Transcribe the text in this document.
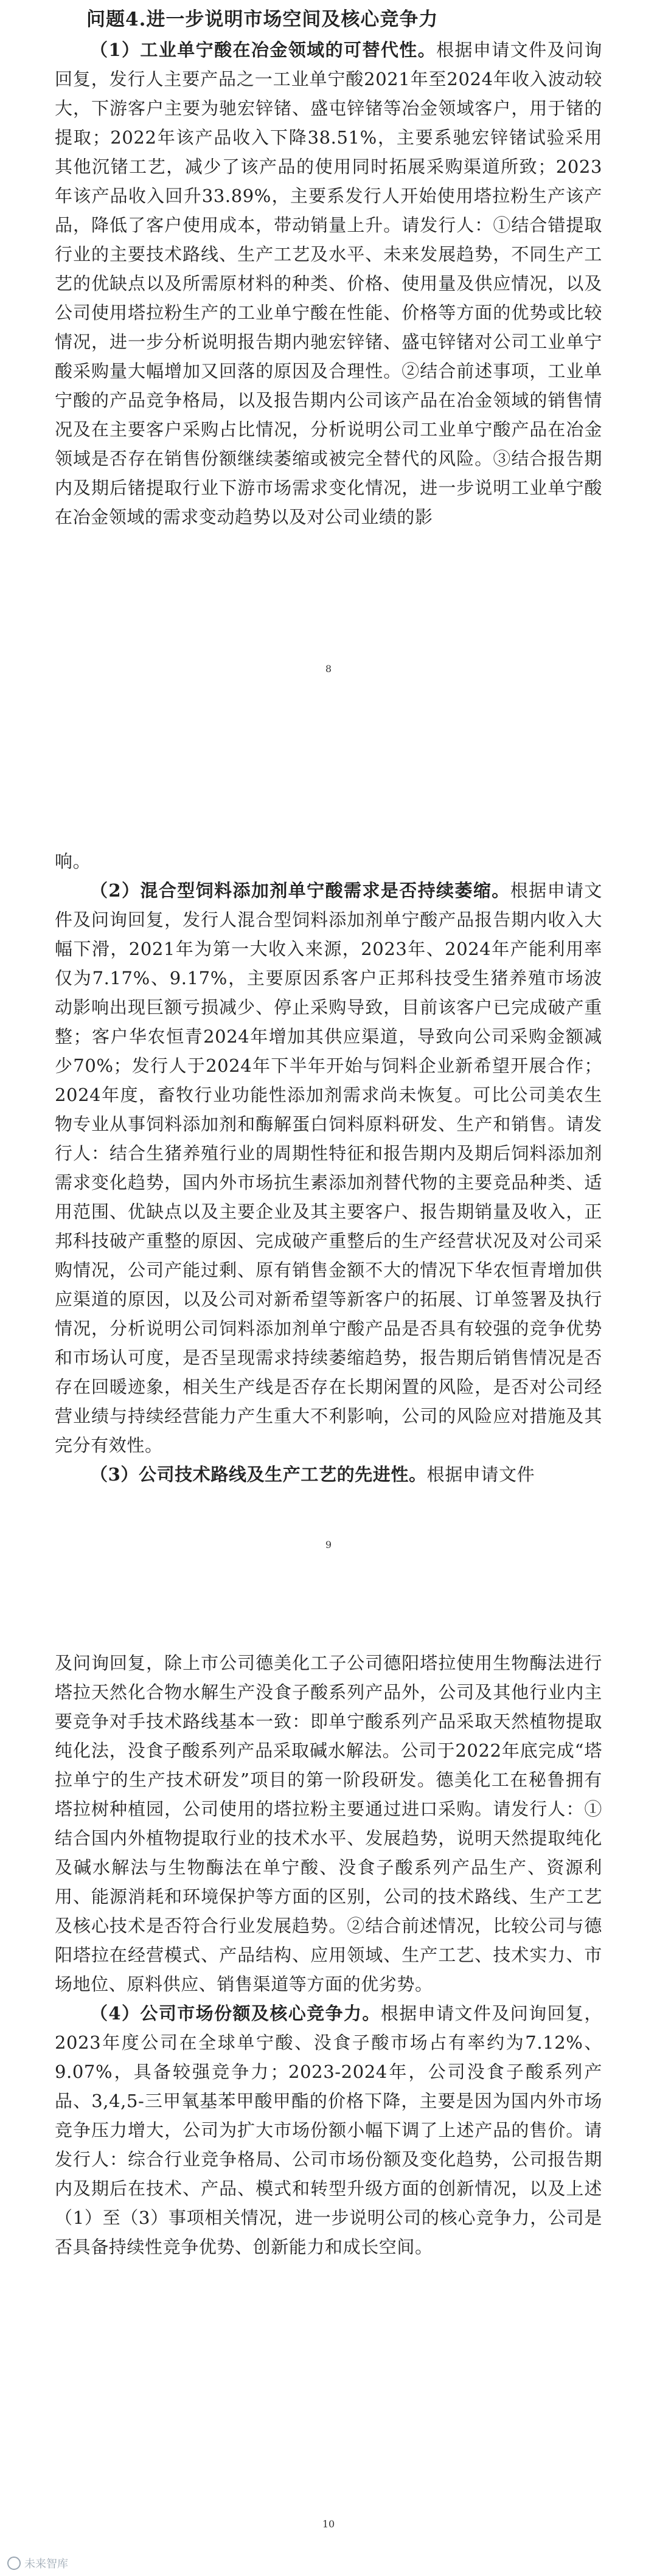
问题4.进一步说明市场空间及核心竞争力

（1）工业单宁酸在冶金领域的可替代性。根据申请文件及问询回复，发行人主要产品之一工业单宁酸2021年至2024年收入波动较大，下游客户主要为驰宏锌锗、盛屯锌锗等冶金领域客户，用于锗的提取；2022年该产品收入下降38.51%，主要系驰宏锌锗试验采用其他沉锗工艺，减少了该产品的使用同时拓展采购渠道所致；2023年该产品收入回升33.89%，主要系发行人开始使用塔拉粉生产该产品，降低了客户使用成本，带动销量上升。请发行人：①结合错提取行业的主要技术路线、生产工艺及水平、未来发展趋势，不同生产工艺的优缺点以及所需原材料的种类、价格、使用量及供应情况，以及公司使用塔拉粉生产的工业单宁酸在性能、价格等方面的优势或比较情况，进一步分析说明报告期内驰宏锌锗、盛屯锌锗对公司工业单宁酸采购量大幅增加又回落的原因及合理性。②结合前述事项，工业单宁酸的产品竞争格局，以及报告期内公司该产品在冶金领域的销售情况及在主要客户采购占比情况，分析说明公司工业单宁酸产品在冶金领域是否存在销售份额继续萎缩或被完全替代的风险。③结合报告期内及期后锗提取行业下游市场需求变化情况，进一步说明工业单宁酸在冶金领域的需求变动趋势以及对公司业绩的影

8

响。

（2）混合型饲料添加剂单宁酸需求是否持续萎缩。根据申请文件及问询回复，发行人混合型饲料添加剂单宁酸产品报告期内收入大幅下滑，2021年为第一大收入来源，2023年、2024年产能利用率仅为7.17%、9.17%，主要原因系客户正邦科技受生猪养殖市场波动影响出现巨额亏损减少、停止采购导致，目前该客户已完成破产重整；客户华农恒青2024年增加其供应渠道，导致向公司采购金额减少70%；发行人于2024年下半年开始与饲料企业新希望开展合作；2024年度，畜牧行业功能性添加剂需求尚未恢复。可比公司美农生物专业从事饲料添加剂和酶解蛋白饲料原料研发、生产和销售。请发行人：结合生猪养殖行业的周期性特征和报告期内及期后饲料添加剂需求变化趋势，国内外市场抗生素添加剂替代物的主要竞品种类、适用范围、优缺点以及主要企业及其主要客户、报告期销量及收入，正邦科技破产重整的原因、完成破产重整后的生产经营状况及对公司采购情况，公司产能过剩、原有销售金额不大的情况下华农恒青增加供应渠道的原因，以及公司对新希望等新客户的拓展、订单签署及执行情况，分析说明公司饲料添加剂单宁酸产品是否具有较强的竞争优势和市场认可度，是否呈现需求持续萎缩趋势，报告期后销售情况是否存在回暖迹象，相关生产线是否存在长期闲置的风险，是否对公司经营业绩与持续经营能力产生重大不利影响，公司的风险应对措施及其完分有效性。

（3）公司技术路线及生产工艺的先进性。根据申请文件

9

及问询回复，除上市公司德美化工子公司德阳塔拉使用生物酶法进行塔拉天然化合物水解生产没食子酸系列产品外，公司及其他行业内主要竞争对手技术路线基本一致：即单宁酸系列产品采取天然植物提取纯化法，没食子酸系列产品采取碱水解法。公司于2022年底完成“塔拉单宁的生产技术研发”项目的第一阶段研发。德美化工在秘鲁拥有塔拉树种植园，公司使用的塔拉粉主要通过进口采购。请发行人：①结合国内外植物提取行业的技术水平、发展趋势，说明天然提取纯化及碱水解法与生物酶法在单宁酸、没食子酸系列产品生产、资源利用、能源消耗和环境保护等方面的区别，公司的技术路线、生产工艺及核心技术是否符合行业发展趋势。②结合前述情况，比较公司与德阳塔拉在经营模式、产品结构、应用领域、生产工艺、技术实力、市场地位、原料供应、销售渠道等方面的优劣势。

（4）公司市场份额及核心竞争力。根据申请文件及问询回复，2023年度公司在全球单宁酸、没食子酸市场占有率约为7.12%、9.07%，具备较强竞争力；2023-2024年，公司没食子酸系列产品、3,4,5-三甲氧基苯甲酸甲酯的价格下降，主要是因为国内外市场竞争压力增大，公司为扩大市场份额小幅下调了上述产品的售价。请发行人：综合行业竞争格局、公司市场份额及变化趋势，公司报告期内及期后在技术、产品、模式和转型升级方面的创新情况，以及上述（1）至（3）事项相关情况，进一步说明公司的核心竞争力，公司是否具备持续性竞争优势、创新能力和成长空间。

10
未来智库
